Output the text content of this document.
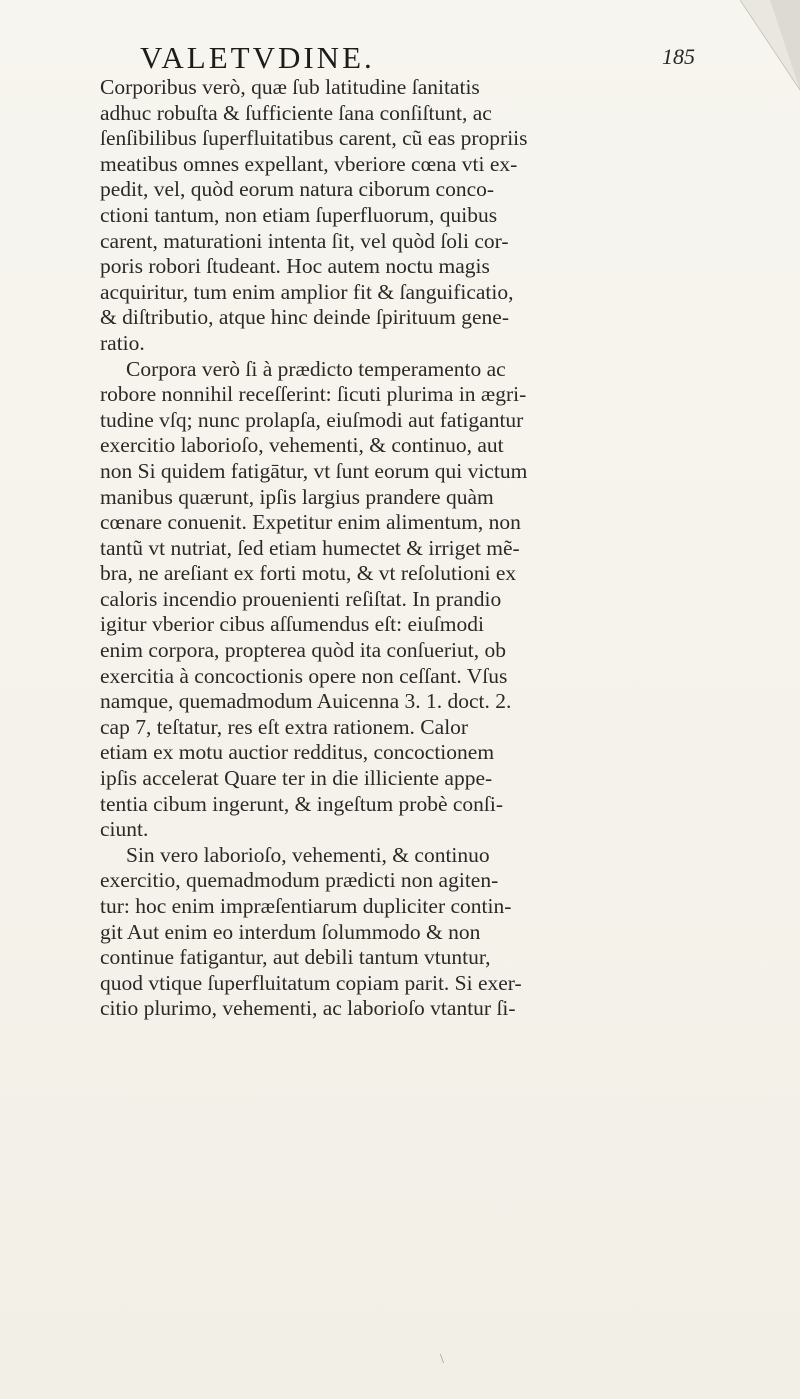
VALETVDINE.	185
Corporibus verò, quæ ſub latitudine ſanitatis
adhuc robuſta & ſufficiente ſana conſiſtunt, ac
ſenſibilibus ſuperfluitatibus carent, cũ eas propriis
meatibus omnes expellant, vberiore cœna vti ex-
pedit, vel, quòd eorum natura ciborum conco-
ctioni tantum, non etiam ſuperfluorum, quibus
carent, maturationi intenta ſit, vel quòd ſoli cor-
poris robori ſtudeant. Hoc autem noctu magis
acquiritur, tum enim amplior fit & ſanguificatio,
& diſtributio, atque hinc deinde ſpirituum gene-
ratio.
Corpora verò ſi à prædicto temperamento ac
robore nonnihil receſſerint: ſicuti plurima in ægri-
tudine vſq; nunc prolapſa, eiuſmodi aut fatigantur
exercitio laborioſo, vehementi, & continuo, aut
non Si quidem fatigātur, vt ſunt eorum qui victum
manibus quærunt, ipſis largius prandere quàm
cœnare conuenit. Expetitur enim alimentum, non
tantũ vt nutriat, ſed etiam humectet & irriget mẽ-
bra, ne areſiant ex forti motu, & vt reſolutioni ex
caloris incendio prouenienti reſiſtat. In prandio
igitur vberior cibus aſſumendus eſt: eiuſmodi
enim corpora, propterea quòd ita conſueriut, ob
exercitia à concoctionis opere non ceſſant. Vſus
namque, quemadmodum Auicenna 3. 1. doct. 2.
cap 7, teſtatur, res eſt extra rationem. Calor
etiam ex motu auctior redditus, concoctionem
ipſis accelerat Quare ter in die illiciente appe-
tentia cibum ingerunt, & ingeſtum probè conſi-
ciunt.
Sin vero laborioſo, vehementi, & continuo
exercitio, quemadmodum prædicti non agiten-
tur: hoc enim impræſentiarum dupliciter contin-
git Aut enim eo interdum ſolummodo & non
continue fatigantur, aut debili tantum vtuntur,
quod vtique ſuperfluitatum copiam parit. Si exer-
citio plurimo, vehementi, ac laborioſo vtantur ſi-
\
